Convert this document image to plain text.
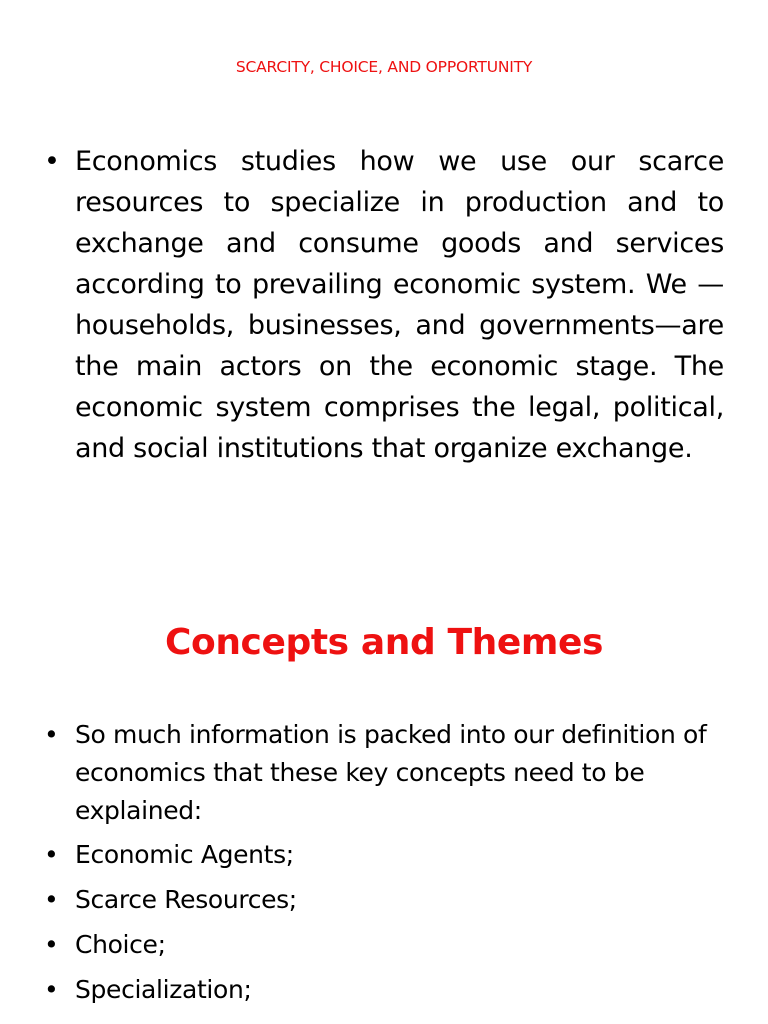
SCARCITY, CHOICE, AND OPPORTUNITY
• Economics studies how we use our scarce resources to specialize in production and to exchange and consume goods and services according to prevailing economic system. We —households, businesses, and governments—are the main actors on the economic stage. The economic system comprises the legal, political, and social institutions that organize exchange.
Concepts and Themes
• So much information is packed into our definition of economics that these key concepts need to be explained:
• Economic Agents;
• Scarce Resources;
• Choice;
• Specialization;
